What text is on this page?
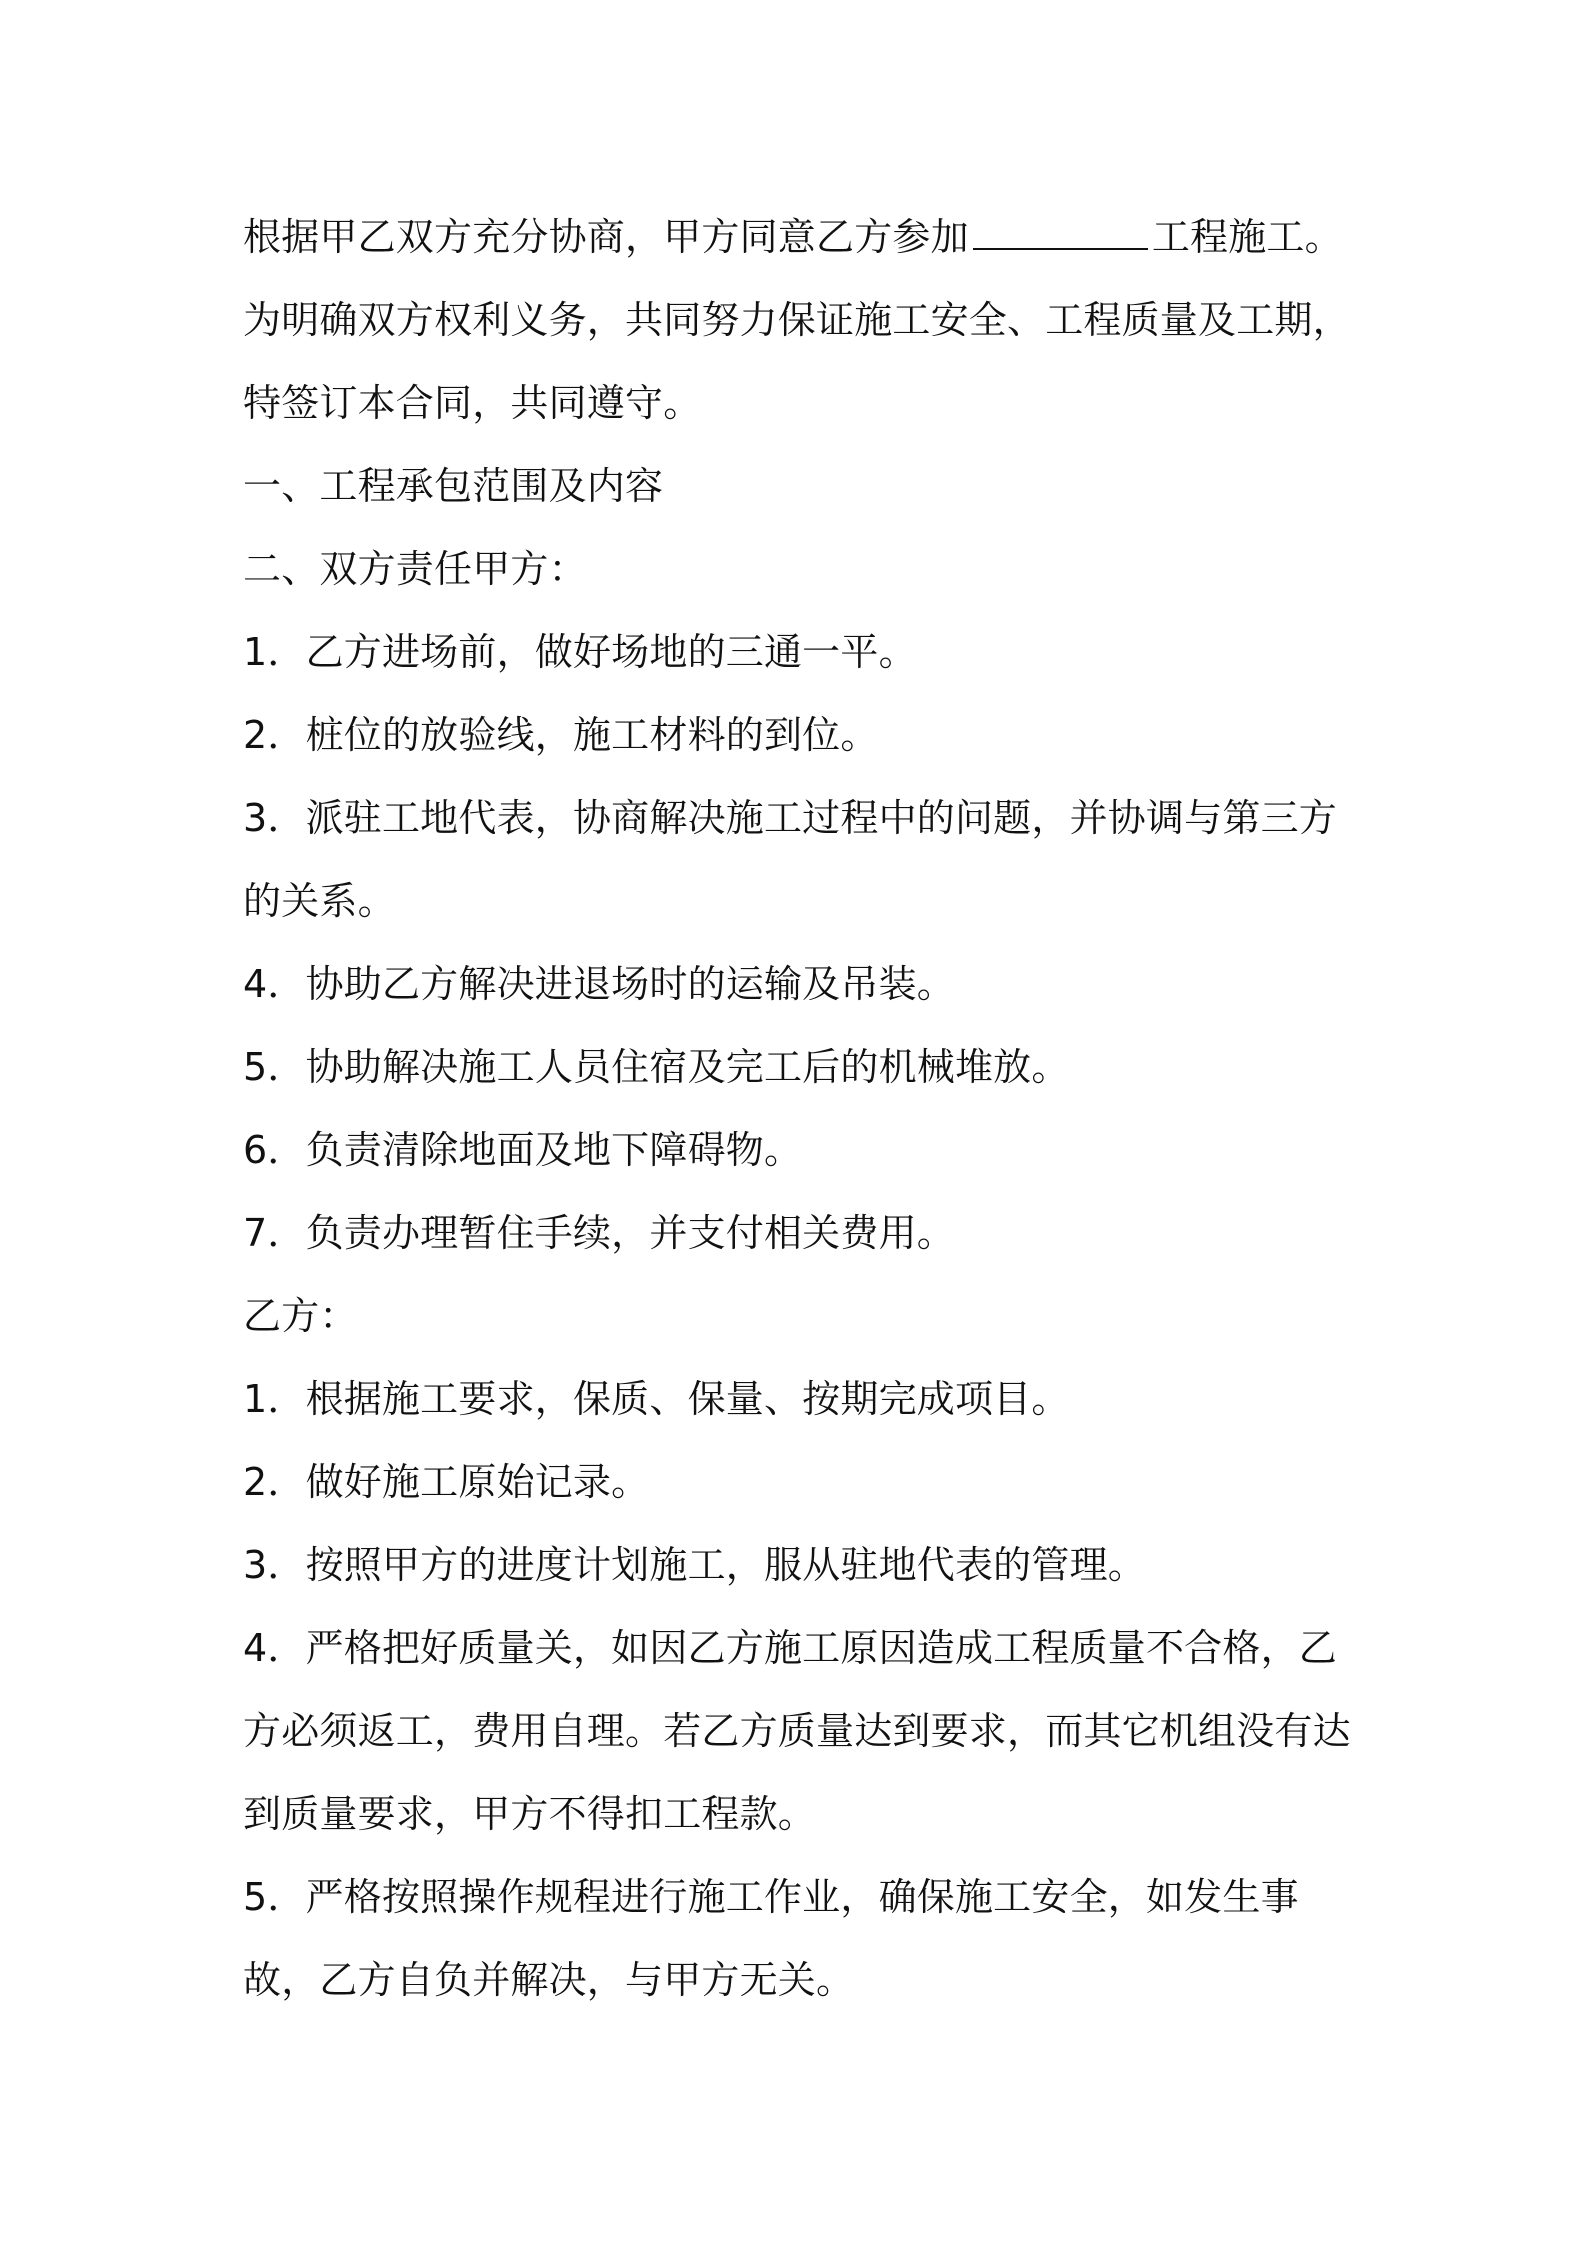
根据甲乙双方充分协商，甲方同意乙方参加	工程施工。为明确双方权利义务，共同努力保证施工安全、工程质量及工期，特签订本合同，共同遵守。

一、工程承包范围及内容

二、双方责任甲方：

1．乙方进场前，做好场地的三通一平。

2．桩位的放验线，施工材料的到位。

3．派驻工地代表，协商解决施工过程中的问题，并协调与第三方的关系。

4．协助乙方解决进退场时的运输及吊装。

5．协助解决施工人员住宿及完工后的机械堆放。

6．负责清除地面及地下障碍物。

7．负责办理暂住手续，并支付相关费用。

乙方：

1．根据施工要求，保质、保量、按期完成项目。

2．做好施工原始记录。

3．按照甲方的进度计划施工，服从驻地代表的管理。

4．严格把好质量关，如因乙方施工原因造成工程质量不合格，乙方必须返工，费用自理。若乙方质量达到要求，而其它机组没有达到质量要求，甲方不得扣工程款。

5．严格按照操作规程进行施工作业，确保施工安全，如发生事故，乙方自负并解决，与甲方无关。
